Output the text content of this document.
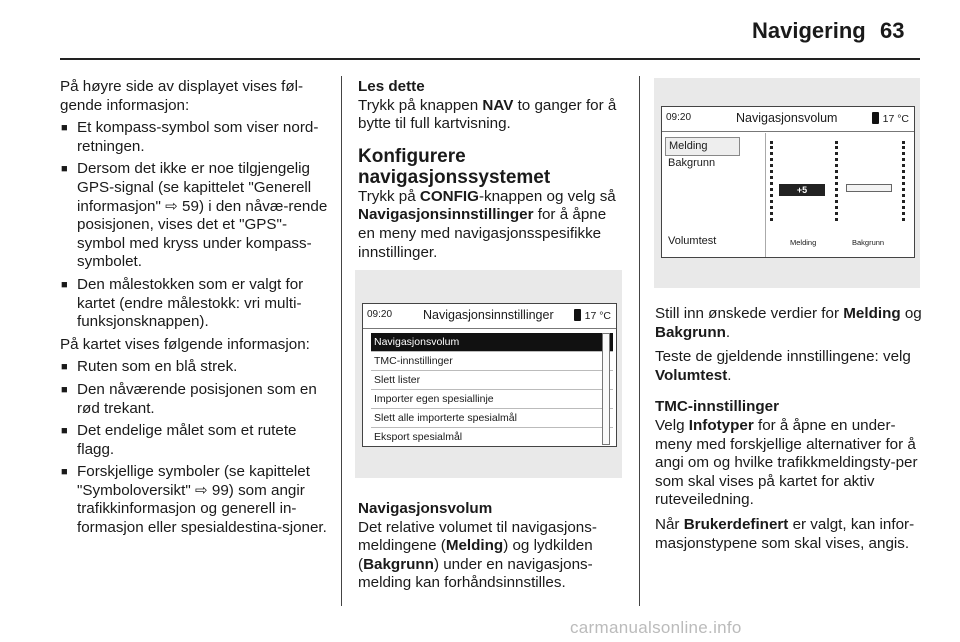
Navigering 63

På høyre side av displayet vises føl-gende informasjon:

■ Et kompass-symbol som viser nord-retningen.
■ Dersom det ikke er noe tilgjengelig GPS-signal (se kapittelet "Generell informasjon" ⇨ 59) i den nåvæ-rende posisjonen, vises det et "GPS"-symbol med kryss under kompass-symbolet.
■ Den målestokken som er valgt for kartet (endre målestokk: vri multi-funksjonsknappen).

På kartet vises følgende informasjon:

■ Ruten som en blå strek.
■ Den nåværende posisjonen som en rød trekant.
■ Det endelige målet som et rutete flagg.
■ Forskjellige symboler (se kapittelet "Symboloversikt" ⇨ 99) som angir trafikkinformasjon og generell in-formasjon eller spesialdestina-sjoner.

Les dette

Trykk på knappen NAV to ganger for å bytte til full kartvisning.

Konfigurere navigasjonssystemet

Trykk på CONFIG-knappen og velg så Navigasjonsinnstillinger for å åpne en meny med navigasjonsspesifikke innstillinger.

09:20 Navigasjonsinnstillinger	17 °C
Navigasjonsvolum
TMC-innstillinger
Slett lister
Importer egen spesiallinje
Slett alle importerte spesialmål
Eksport spesialmål

Navigasjonsvolum

Det relative volumet til navigasjons-meldingene (Melding) og lydkilden (Bakgrunn) under en navigasjons-melding kan forhåndsinnstilles.

09:20	Navigasjonsvolum	17 °C
Melding
Bakgrunn
Volumtest
+5
Melding	Bakgrunn

Still inn ønskede verdier for Melding og Bakgrunn.

Teste de gjeldende innstillingene: velg Volumtest.

TMC-innstillinger

Velg Infotyper for å åpne en under-meny med forskjellige alternativer for å angi om og hvilke trafikkmeldingsty-per som skal vises på kartet for aktiv ruteveiledning.

Når Brukerdefinert er valgt, kan infor-masjonstypene som skal vises, angis.

carmanualsonline.info
